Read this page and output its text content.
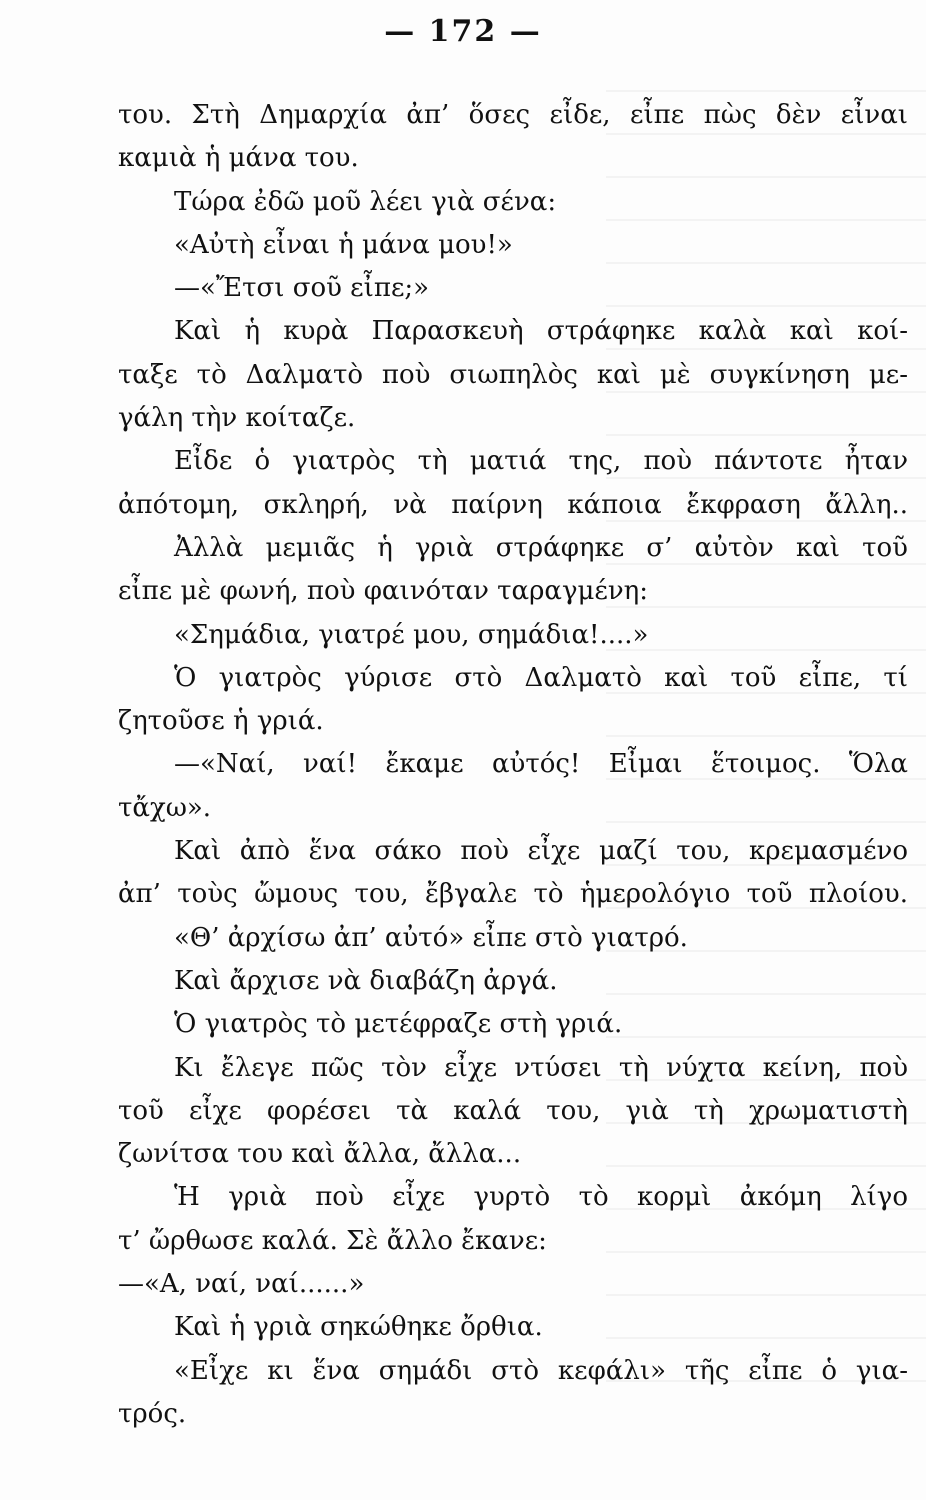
— 172 —
του. Στὴ Δημαρχία ἀπ’ ὅσες εἶδε, εἶπε πὼς δὲν εἶναι
καμιὰ ἡ μάνα του.
Τώρα ἐδῶ μοῦ λέει γιὰ σένα:
«Αὐτὴ εἶναι ἡ μάνα μου!»
—«Ἔτσι σοῦ εἶπε;»
Καὶ ἡ κυρὰ Παρασκευὴ στράφηκε καλὰ καὶ κοί-
ταξε τὸ Δαλματὸ ποὺ σιωπηλὸς καὶ μὲ συγκίνηση με-
γάλη τὴν κοίταζε.
Εἶδε ὁ γιατρὸς τὴ ματιά της, ποὺ πάντοτε ἦταν
ἀπότομη, σκληρή, νὰ παίρνη κάποια ἔκφραση ἄλλη..
Ἀλλὰ μεμιᾶς ἡ γριὰ στράφηκε σ’ αὐτὸν καὶ τοῦ
εἶπε μὲ φωνή, ποὺ φαινόταν ταραγμένη:
«Σημάδια, γιατρέ μου, σημάδια!....»
Ὁ γιατρὸς γύρισε στὸ Δαλματὸ καὶ τοῦ εἶπε, τί
ζητοῦσε ἡ γριά.
—«Ναί, ναί! ἔκαμε αὐτός! Εἶμαι ἕτοιμος. Ὅλα
τἄχω».
Καὶ ἀπὸ ἕνα σάκο ποὺ εἶχε μαζί του, κρεμασμένο
ἀπ’ τοὺς ὤμους του, ἔβγαλε τὸ ἡμερολόγιο τοῦ πλοίου.
«Θ’ ἀρχίσω ἀπ’ αὐτό» εἶπε στὸ γιατρό.
Καὶ ἄρχισε νὰ διαβάζη ἀργά.
Ὁ γιατρὸς τὸ μετέφραζε στὴ γριά.
Κι ἔλεγε πῶς τὸν εἶχε ντύσει τὴ νύχτα κείνη, ποὺ
τοῦ εἶχε φορέσει τὰ καλά του, γιὰ τὴ χρωματιστὴ
ζωνίτσα του καὶ ἄλλα, ἄλλα...
Ἡ γριὰ ποὺ εἶχε γυρτὸ τὸ κορμὶ ἀκόμη λίγο
τ’ ὤρθωσε καλά. Σὲ ἄλλο ἔκανε:
—«Α, ναί, ναί......»
Καὶ ἡ γριὰ σηκώθηκε ὄρθια.
«Εἶχε κι ἕνα σημάδι στὸ κεφάλι» τῆς εἶπε ὁ για-
τρός.
